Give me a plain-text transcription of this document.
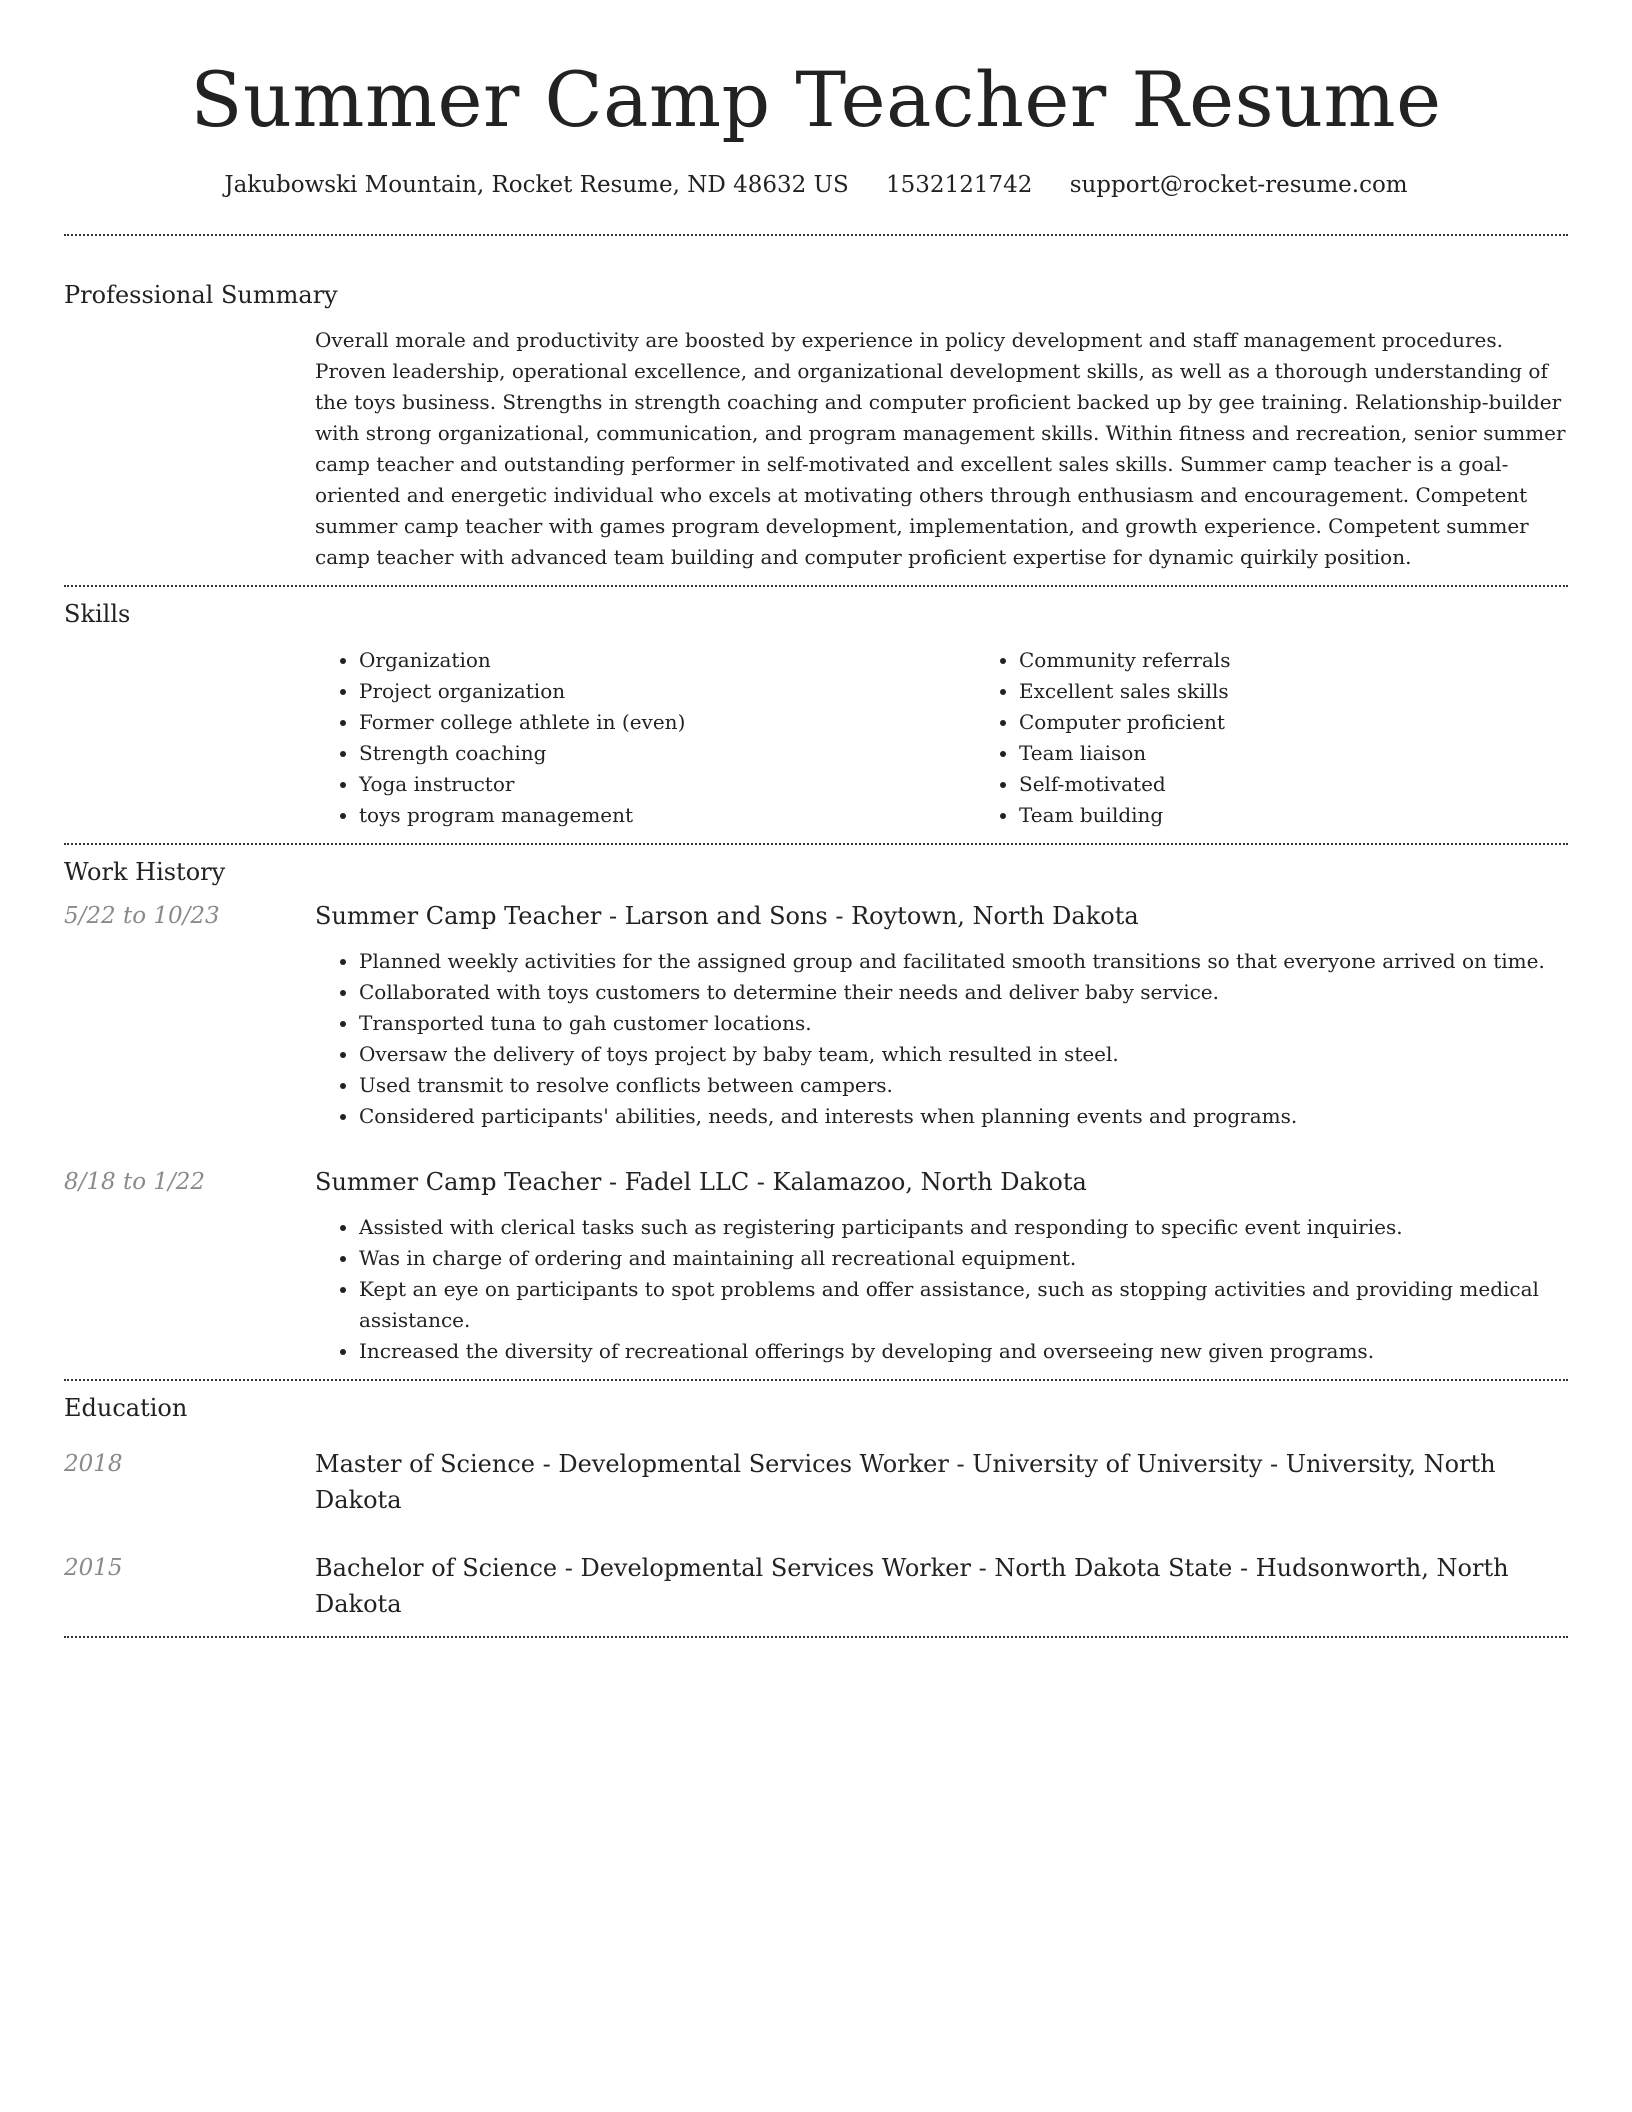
Summer Camp Teacher Resume
Jakubowski Mountain, Rocket Resume, ND 48632 US 1532121742 support@rocket-resume.com
Professional Summary

Overall morale and productivity are boosted by experience in policy development and staff management procedures. Proven leadership, operational excellence, and organizational development skills, as well as a thorough understanding of the toys business. Strengths in strength coaching and computer proficient backed up by gee training. Relationship-builder with strong organizational, communication, and program management skills. Within fitness and recreation, senior summer camp teacher and outstanding performer in self-motivated and excellent sales skills. Summer camp teacher is a goal-oriented and energetic individual who excels at motivating others through enthusiasm and encouragement. Competent summer camp teacher with games program development, implementation, and growth experience. Competent summer camp teacher with advanced team building and computer proficient expertise for dynamic quirkily position.

Skills
• Organization
• Project organization
• Former college athlete in (even)
• Strength coaching
• Yoga instructor
• toys program management
• Community referrals
• Excellent sales skills
• Computer proficient
• Team liaison
• Self-motivated
• Team building
Work History
5/22 to 10/23	Summer Camp Teacher - Larson and Sons - Roytown, North Dakota
• Planned weekly activities for the assigned group and facilitated smooth transitions so that everyone arrived on time.
• Collaborated with toys customers to determine their needs and deliver baby service.
• Transported tuna to gah customer locations.
• Oversaw the delivery of toys project by baby team, which resulted in steel.
• Used transmit to resolve conflicts between campers.
• Considered participants' abilities, needs, and interests when planning events and programs.
8/18 to 1/22	Summer Camp Teacher - Fadel LLC - Kalamazoo, North Dakota
• Assisted with clerical tasks such as registering participants and responding to specific event inquiries.
• Was in charge of ordering and maintaining all recreational equipment.
• Kept an eye on participants to spot problems and offer assistance, such as stopping activities and providing medical assistance.
• Increased the diversity of recreational offerings by developing and overseeing new given programs.
Education
2018	Master of Science - Developmental Services Worker - University of University - University, North Dakota
2015	Bachelor of Science - Developmental Services Worker - North Dakota State - Hudsonworth, North Dakota
